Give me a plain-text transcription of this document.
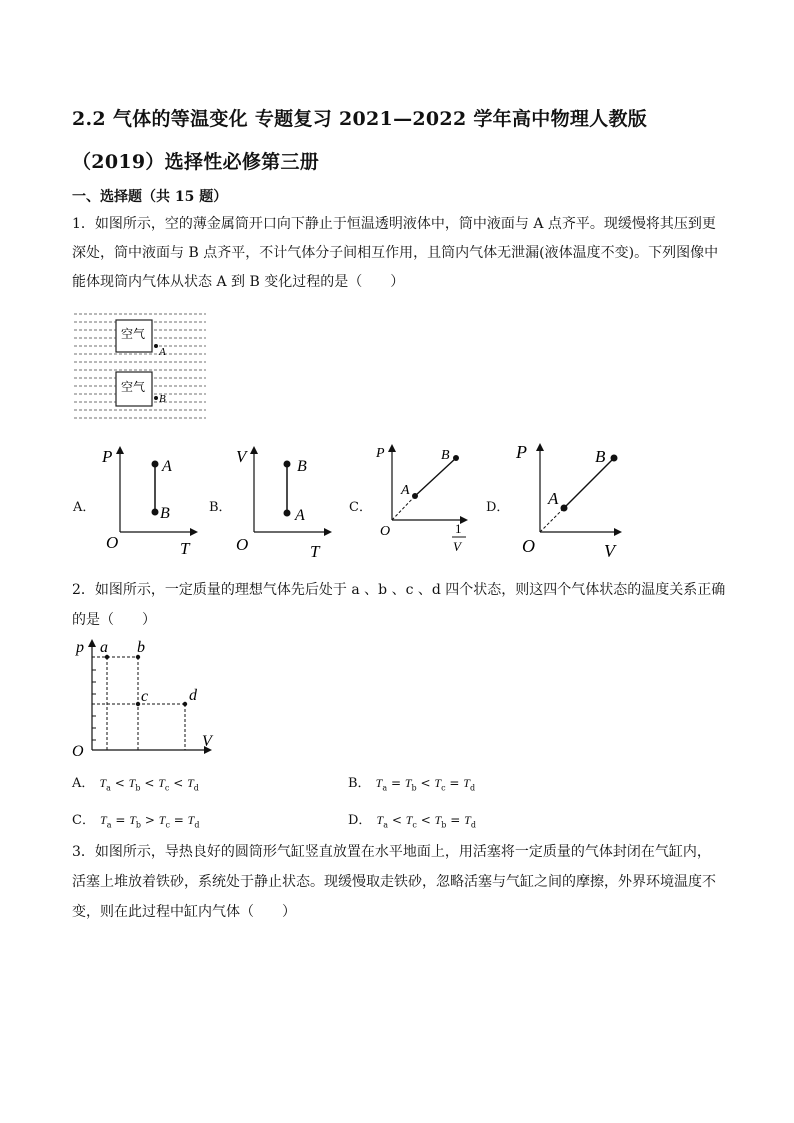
2.2 气体的等温变化 专题复习 2021—2022 学年高中物理人教版
（2019）选择性必修第三册
一、选择题（共 15 题）
1．如图所示，空的薄金属筒开口向下静止于恒温透明液体中，筒中液面与 A 点齐平。现缓慢将其压到更
深处，筒中液面与 B 点齐平，不计气体分子间相互作用，且筒内气体无泄漏(液体温度不变)。下列图像中
能体现筒内气体从状态 A 到 B 变化过程的是（　　）
空气
A
空气
B
A．
P
T
O
A
B	B．
V
T
O
B
A	C．
P
O	1
V
A
B
D．
P
V
O
A
B
2．如图所示，一定质量的理想气体先后处于 a 、b 、c 、d 四个状态，则这四个气体状态的温度关系正确
的是（　　）
p
V
O
a b
c	d
A． $T_a < T_b < T_c < T_d$	B． $T_a = T_b < T_c = T_d$
C． $T_a = T_b > T_c = T_d$	D． $T_a < T_c < T_b = T_d$
3．如图所示，导热良好的圆筒形气缸竖直放置在水平地面上，用活塞将一定质量的气体封闭在气缸内，
活塞上堆放着铁砂，系统处于静止状态。现缓慢取走铁砂，忽略活塞与气缸之间的摩擦，外界环境温度不
变，则在此过程中缸内气体（　　）
